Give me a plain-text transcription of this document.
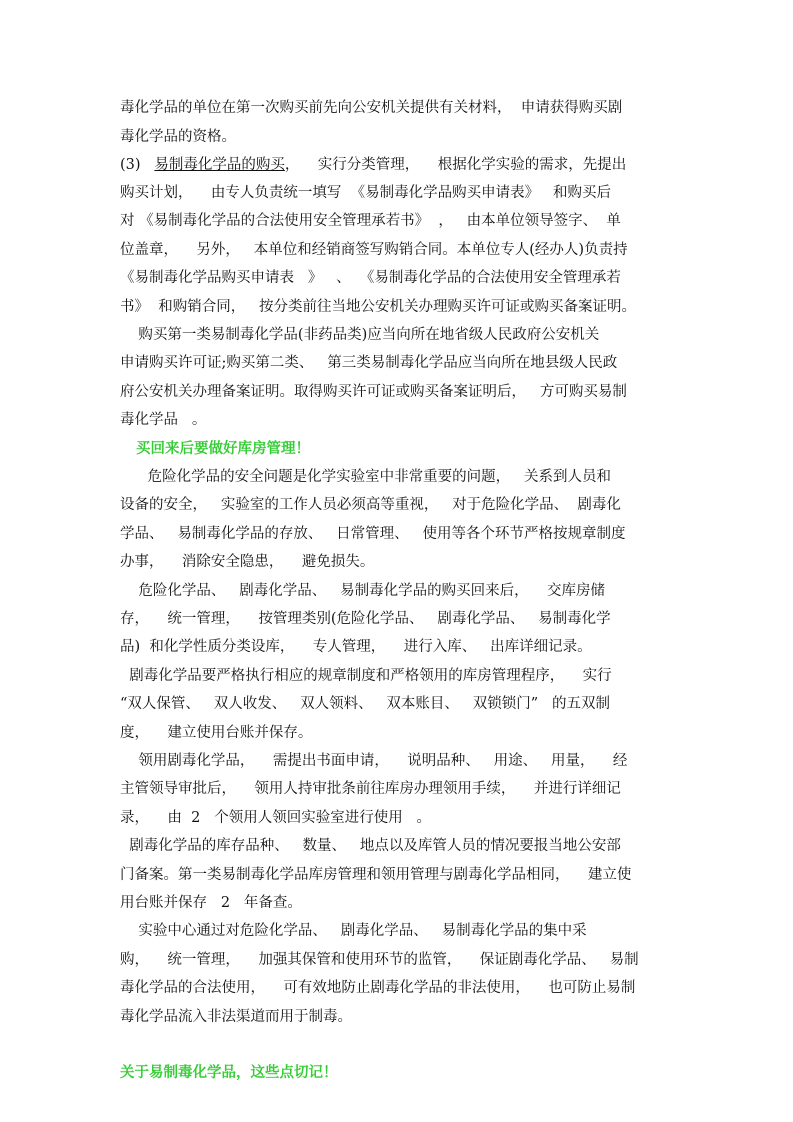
毒化学品的单位在第一次购买前先向公安机关提供有关材料，  申请获得购买剧
毒化学品的资格。
(3)   易制毒化学品的购买，    实行分类管理，    根据化学实验的需求，先提出
购买计划，    由专人负责统一填写  《易制毒化学品购买申请表》   和购买后
对 《易制毒化学品的合法使用安全管理承若书》  ，   由本单位领导签字、  单
位盖章，    另外，   本单位和经销商签写购销合同。本单位专人(经办人)负责持
《易制毒化学品购买申请表   》   、  《易制毒化学品的合法使用安全管理承若
书》  和购销合同，   按分类前往当地公安机关办理购买许可证或购买备案证明。
购买第一类易制毒化学品(非药品类)应当向所在地省级人民政府公安机关
申请购买许可证;购买第二类、   第三类易制毒化学品应当向所在地县级人民政
府公安机关办理备案证明。取得购买许可证或购买备案证明后，   方可购买易制
毒化学品   。
买回来后要做好库房管理！
危险化学品的安全问题是化学实验室中非常重要的问题，   关系到人员和
设备的安全，   实验室的工作人员必须高等重视，   对于危险化学品、  剧毒化
学品、   易制毒化学品的存放、   日常管理、   使用等各个环节严格按规章制度
办事，    消除安全隐患，    避免损失。
危险化学品、   剧毒化学品、   易制毒化学品的购买回来后，    交库房储
存，    统一管理，    按管理类别(危险化学品、   剧毒化学品、   易制毒化学
品)  和化学性质分类设库，    专人管理，    进行入库、   出库详细记录。
剧毒化学品要严格执行相应的规章制度和严格领用的库房管理程序，    实行
“双人保管、   双人收发、   双人领料、   双本账目、   双锁锁门”   的五双制
度，    建立使用台账并保存。
领用剧毒化学品，    需提出书面申请，    说明品种、   用途、   用量，    经
主管领导审批后，    领用人持审批条前往库房办理领用手续，    并进行详细记
录，    由  2   个领用人领回实验室进行使用   。
剧毒化学品的库存品种、   数量、   地点以及库管人员的情况要报当地公安部
门备案。第一类易制毒化学品库房管理和领用管理与剧毒化学品相同，    建立使
用台账并保存   2   年备查。
实验中心通过对危险化学品、   剧毒化学品、   易制毒化学品的集中采
购，    统一管理，    加强其保管和使用环节的监管，    保证剧毒化学品、   易制
毒化学品的合法使用，    可有效地防止剧毒化学品的非法使用，    也可防止易制
毒化学品流入非法渠道而用于制毒。
关于易制毒化学品，这些点切记！
